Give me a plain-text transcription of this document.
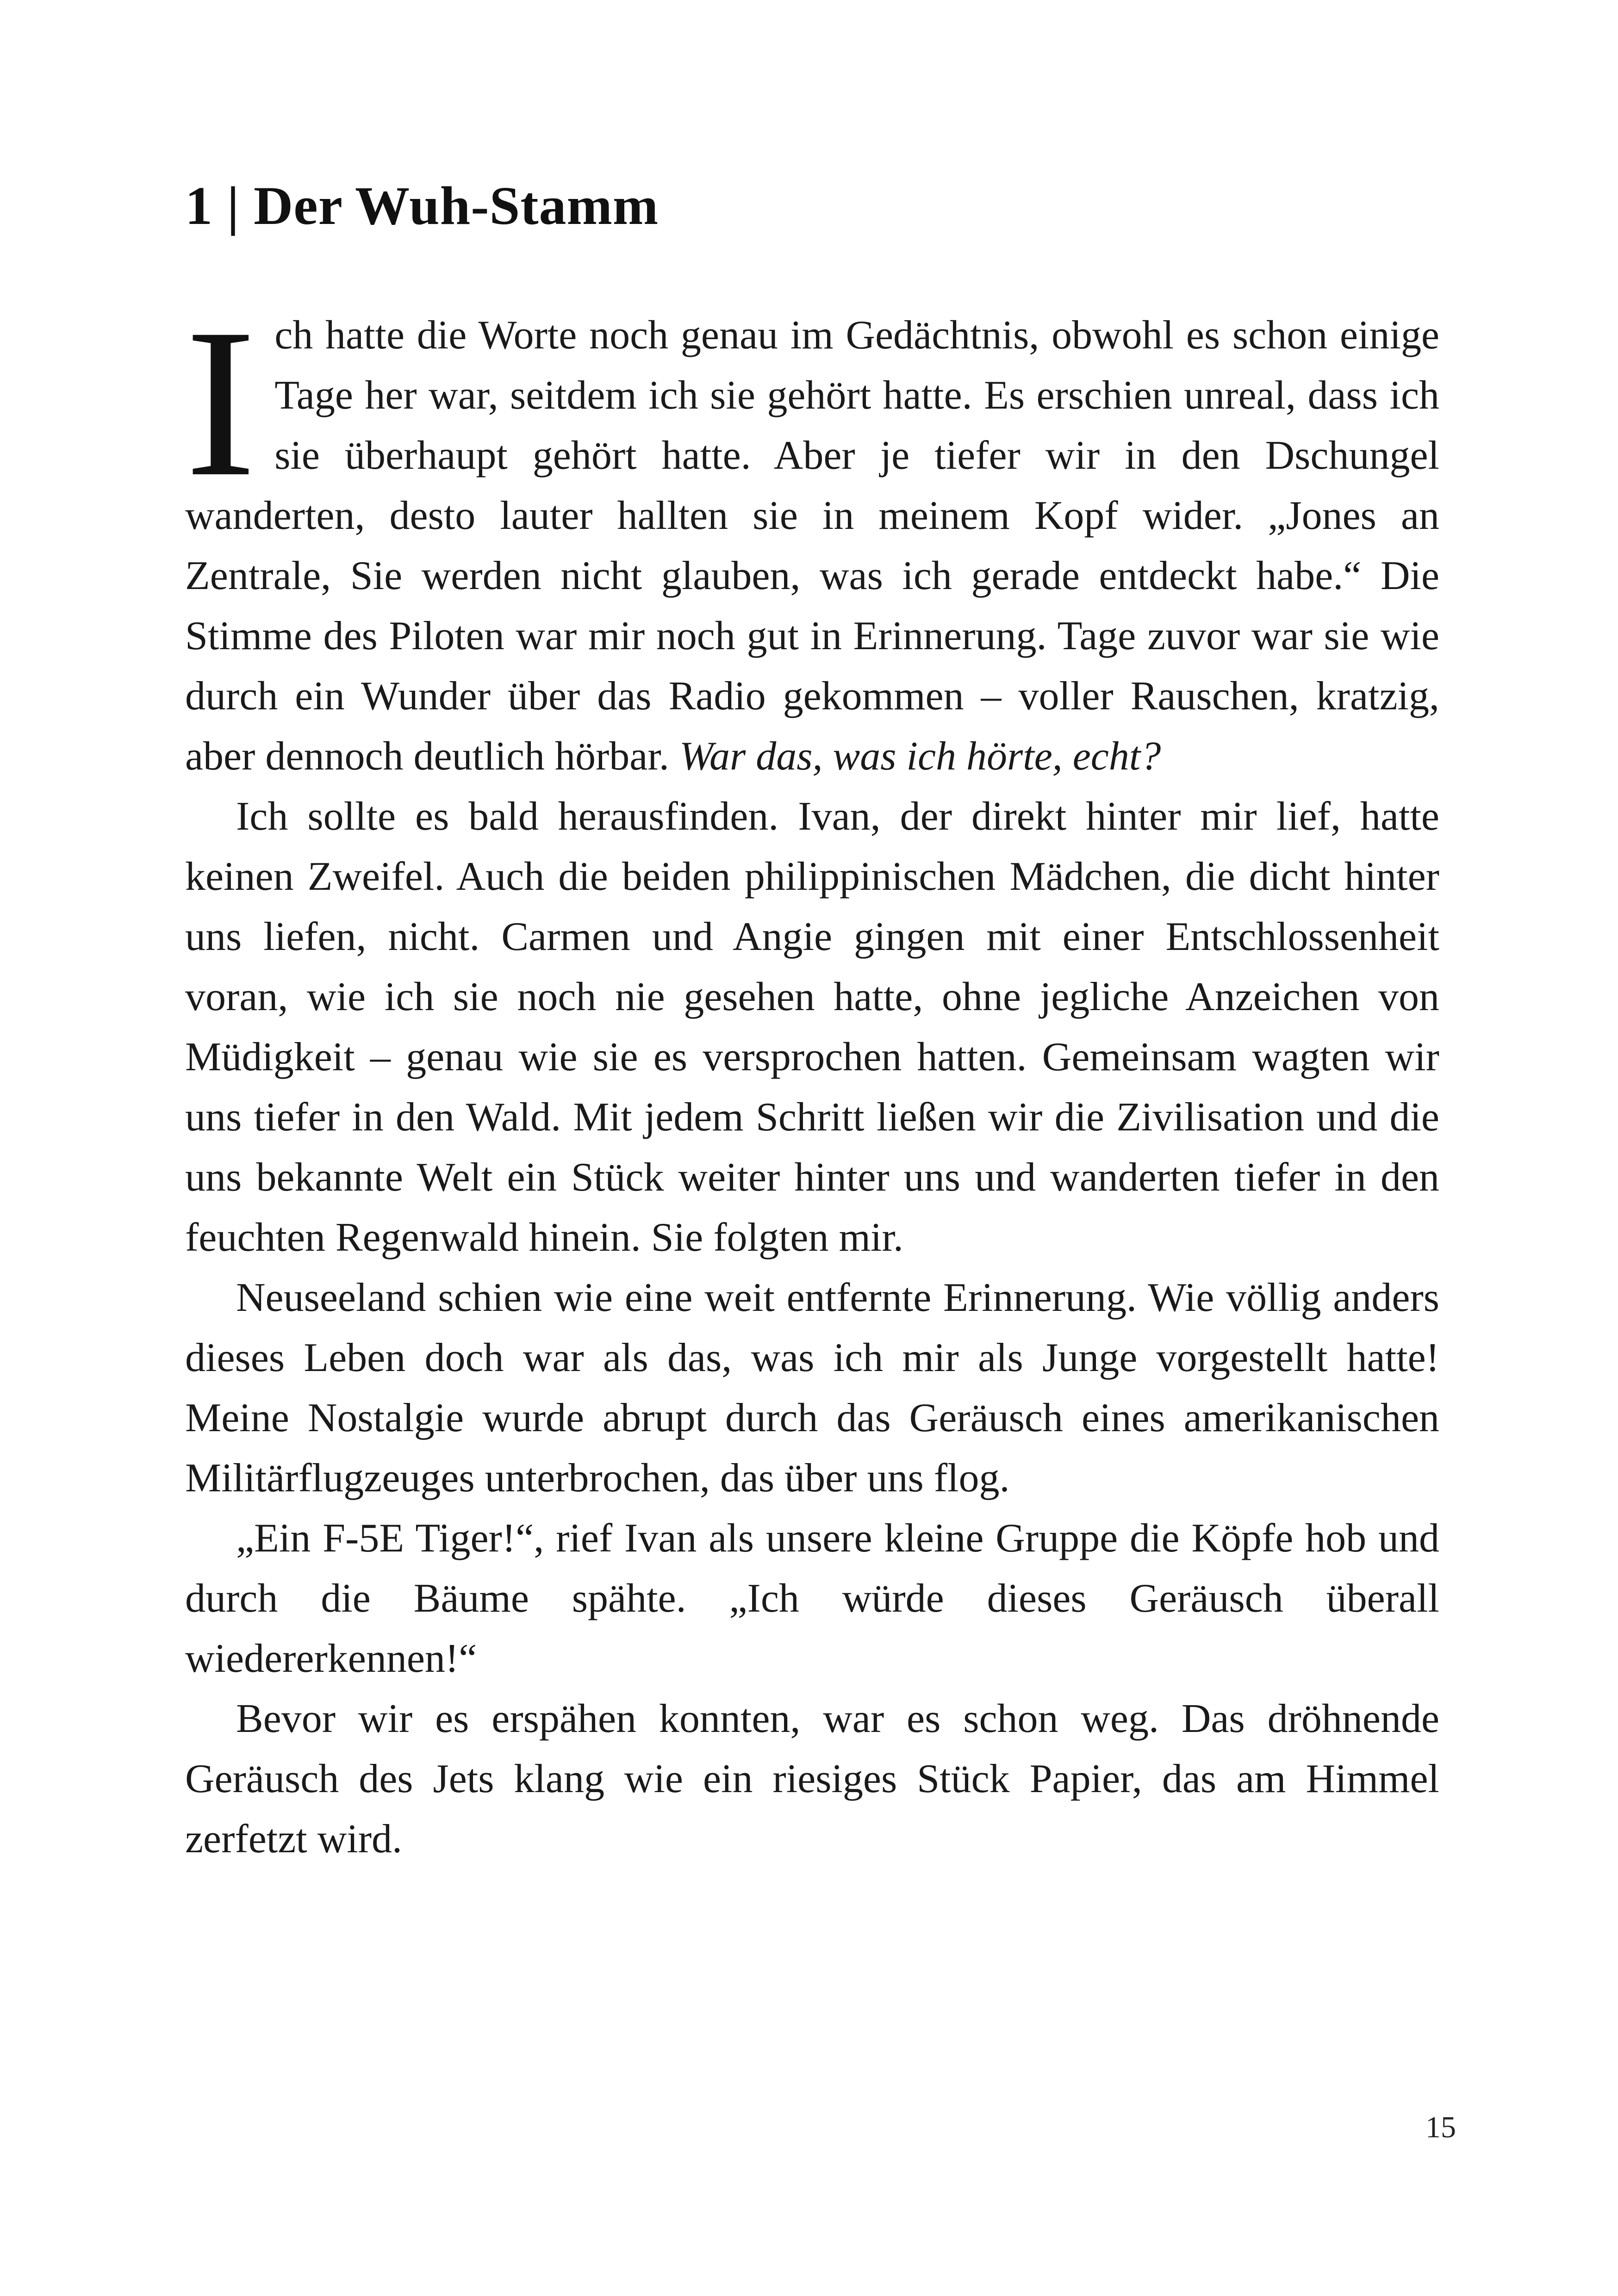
1 | Der Wuh-Stamm

Ich hatte die Worte noch genau im Gedächtnis, obwohl es schon einige Tage her war, seitdem ich sie gehört hatte. Es erschien unreal, dass ich sie überhaupt gehört hatte. Aber je tiefer wir in den Dschungel wanderten, desto lauter hallten sie in meinem Kopf wider. „Jones an Zentrale, Sie werden nicht glauben, was ich gerade entdeckt habe.“ Die Stimme des Piloten war mir noch gut in Erinnerung. Tage zuvor war sie wie durch ein Wunder über das Radio gekommen – voller Rauschen, kratzig, aber dennoch deutlich hörbar. War das, was ich hörte, echt?

Ich sollte es bald herausfinden. Ivan, der direkt hinter mir lief, hatte keinen Zweifel. Auch die beiden philippinischen Mädchen, die dicht hinter uns liefen, nicht. Carmen und Angie gingen mit einer Entschlossenheit voran, wie ich sie noch nie gesehen hatte, ohne jegliche Anzeichen von Müdigkeit – genau wie sie es versprochen hatten. Gemeinsam wagten wir uns tiefer in den Wald. Mit jedem Schritt ließen wir die Zivilisation und die uns bekannte Welt ein Stück weiter hinter uns und wanderten tiefer in den feuchten Regenwald hinein. Sie folgten mir.

Neuseeland schien wie eine weit entfernte Erinnerung. Wie völlig anders dieses Leben doch war als das, was ich mir als Junge vorgestellt hatte! Meine Nostalgie wurde abrupt durch das Geräusch eines amerikanischen Militärflugzeuges unterbrochen, das über uns flog.

„Ein F-5E Tiger!“, rief Ivan als unsere kleine Gruppe die Köpfe hob und durch die Bäume spähte. „Ich würde dieses Geräusch überall wiedererkennen!“

Bevor wir es erspähen konnten, war es schon weg. Das dröhnende Geräusch des Jets klang wie ein riesiges Stück Papier, das am Himmel zerfetzt wird.

15
